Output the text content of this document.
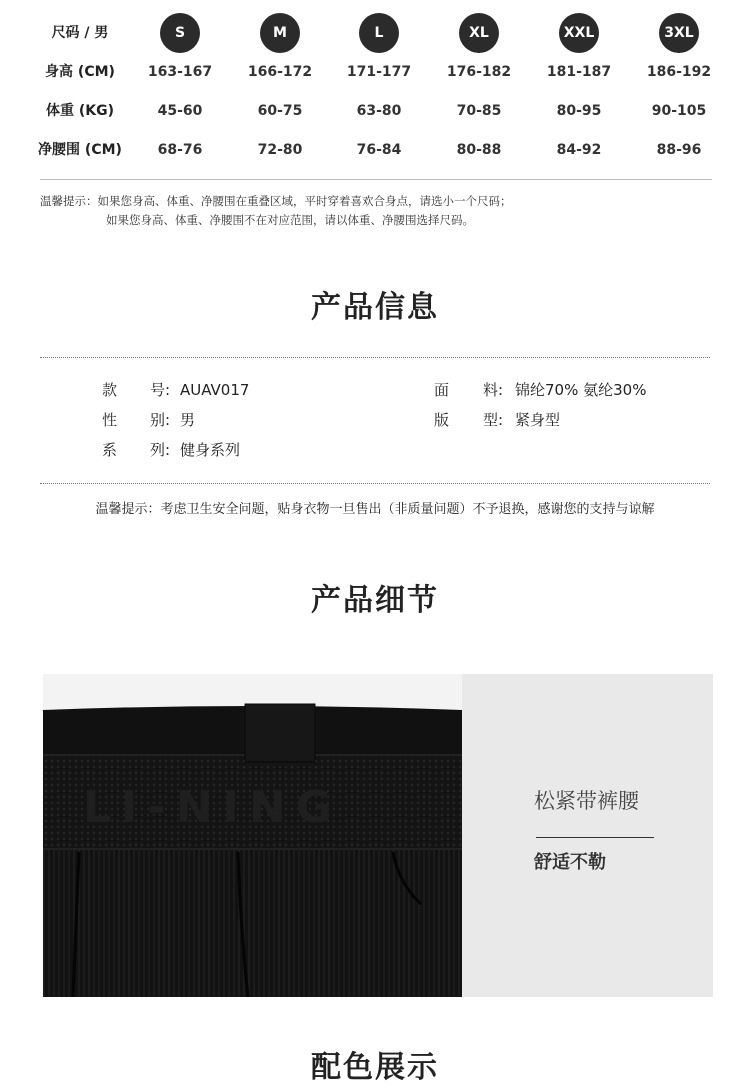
尺码 / 男	S	M	L	XL	XXL	3XL
身高 (CM)	163-167	166-172	171-177	176-182	181-187	186-192
体重 (KG)	45-60	60-75	63-80	70-85	80-95	90-105
净腰围 (CM)	68-76	72-80	76-84	80-88	84-92	88-96
温馨提示：如果您身高、体重、净腰围在重叠区域，平时穿着喜欢合身点，请选小一个尺码；
如果您身高、体重、净腰围不在对应范围，请以体重、净腰围选择尺码。
产品信息
款 号: AUAV017
性 别: 男
系 列: 健身系列
面 料: 锦纶70% 氨纶30%
版 型: 紧身型
温馨提示：考虑卫生安全问题，贴身衣物一旦售出（非质量问题）不予退换，感谢您的支持与谅解
产品细节
LI-NING	松紧带裤腰
舒适不勒
配色展示
